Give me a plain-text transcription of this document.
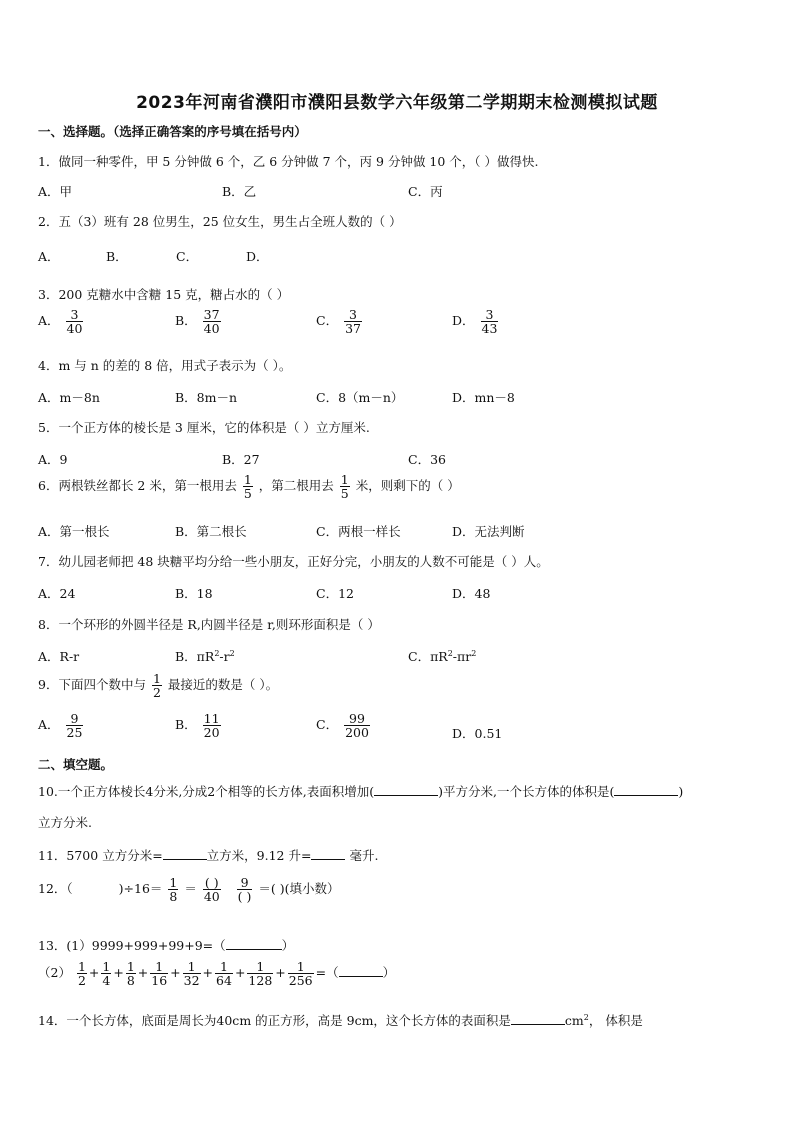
2023年河南省濮阳市濮阳县数学六年级第二学期期末检测模拟试题
一、选择题。（选择正确答案的序号填在括号内）
1．做同一种零件，甲 5 分钟做 6 个，乙 6 分钟做 7 个，丙 9 分钟做 10 个，（ ）做得快.
A．甲	B．乙	C．丙
2．五（3）班有 28 位男生，25 位女生，男生占全班人数的（ ）
A．	B．	C．	D．
3．200 克糖水中含糖 15 克，糖占水的（ ）
A． $\frac{3}{40}$	B． $\frac{37}{40}$	C． $\frac{3}{37}$	D． $\frac{3}{43}$
4．m 与 n 的差的 8 倍，用式子表示为（ ）。
A．m－8n	B．8m－n	C．8（m－n）	D．mn－8
5．一个正方体的棱长是 3 厘米，它的体积是（ ）立方厘米.
A．9	B．27	C．36
6．两根铁丝都长 2 米，第一根用去 $\frac{1}{5}$ ，第二根用去 $\frac{1}{5}$ 米，则剩下的（ ）
A．第一根长	B．第二根长	C．两根一样长	D．无法判断
7．幼儿园老师把 48 块糖平均分给一些小朋友，正好分完，小朋友的人数不可能是（ ）人。
A．24	B．18	C．12	D．48
8．一个环形的外圆半径是 R,内圆半径是 r,则环形面积是（ ）
A．R-r	B．$\pi R^2-r^2$	C．$\pi R^2-\pi r^2$
9．下面四个数中与 $\frac{1}{2}$ 最接近的数是（ ）。
A． $\frac{9}{25}$	B． $\frac{11}{20}$	C． $\frac{99}{200}$	D．0.51
二、填空题。
10.一个正方体棱长4分米,分成2个相等的长方体,表面积增加(	)平方分米,一个长方体的体积是(	)
立方分米.
11．5700 立方分米=	立方米，9.12 升=	毫升.
12．（	)$\div 16= \frac{1}{8} = \frac{( )}{40}$
$\frac{9}{( )}$ ＝( )(填小数）
13．(1）9999+999+99+9=（	）
$(2) \frac{1}{2} + \frac{1}{4} + \frac{1}{8} + \frac{1}{16} + \frac{1}{32} + \frac{1}{64} + \frac{1}{128} + \frac{1}{256}$ =（	）
14．一个长方体，底面是周长为40cm 的正方形，高是 9cm，这个长方体的表面积是	$cm^2$， 体积是
